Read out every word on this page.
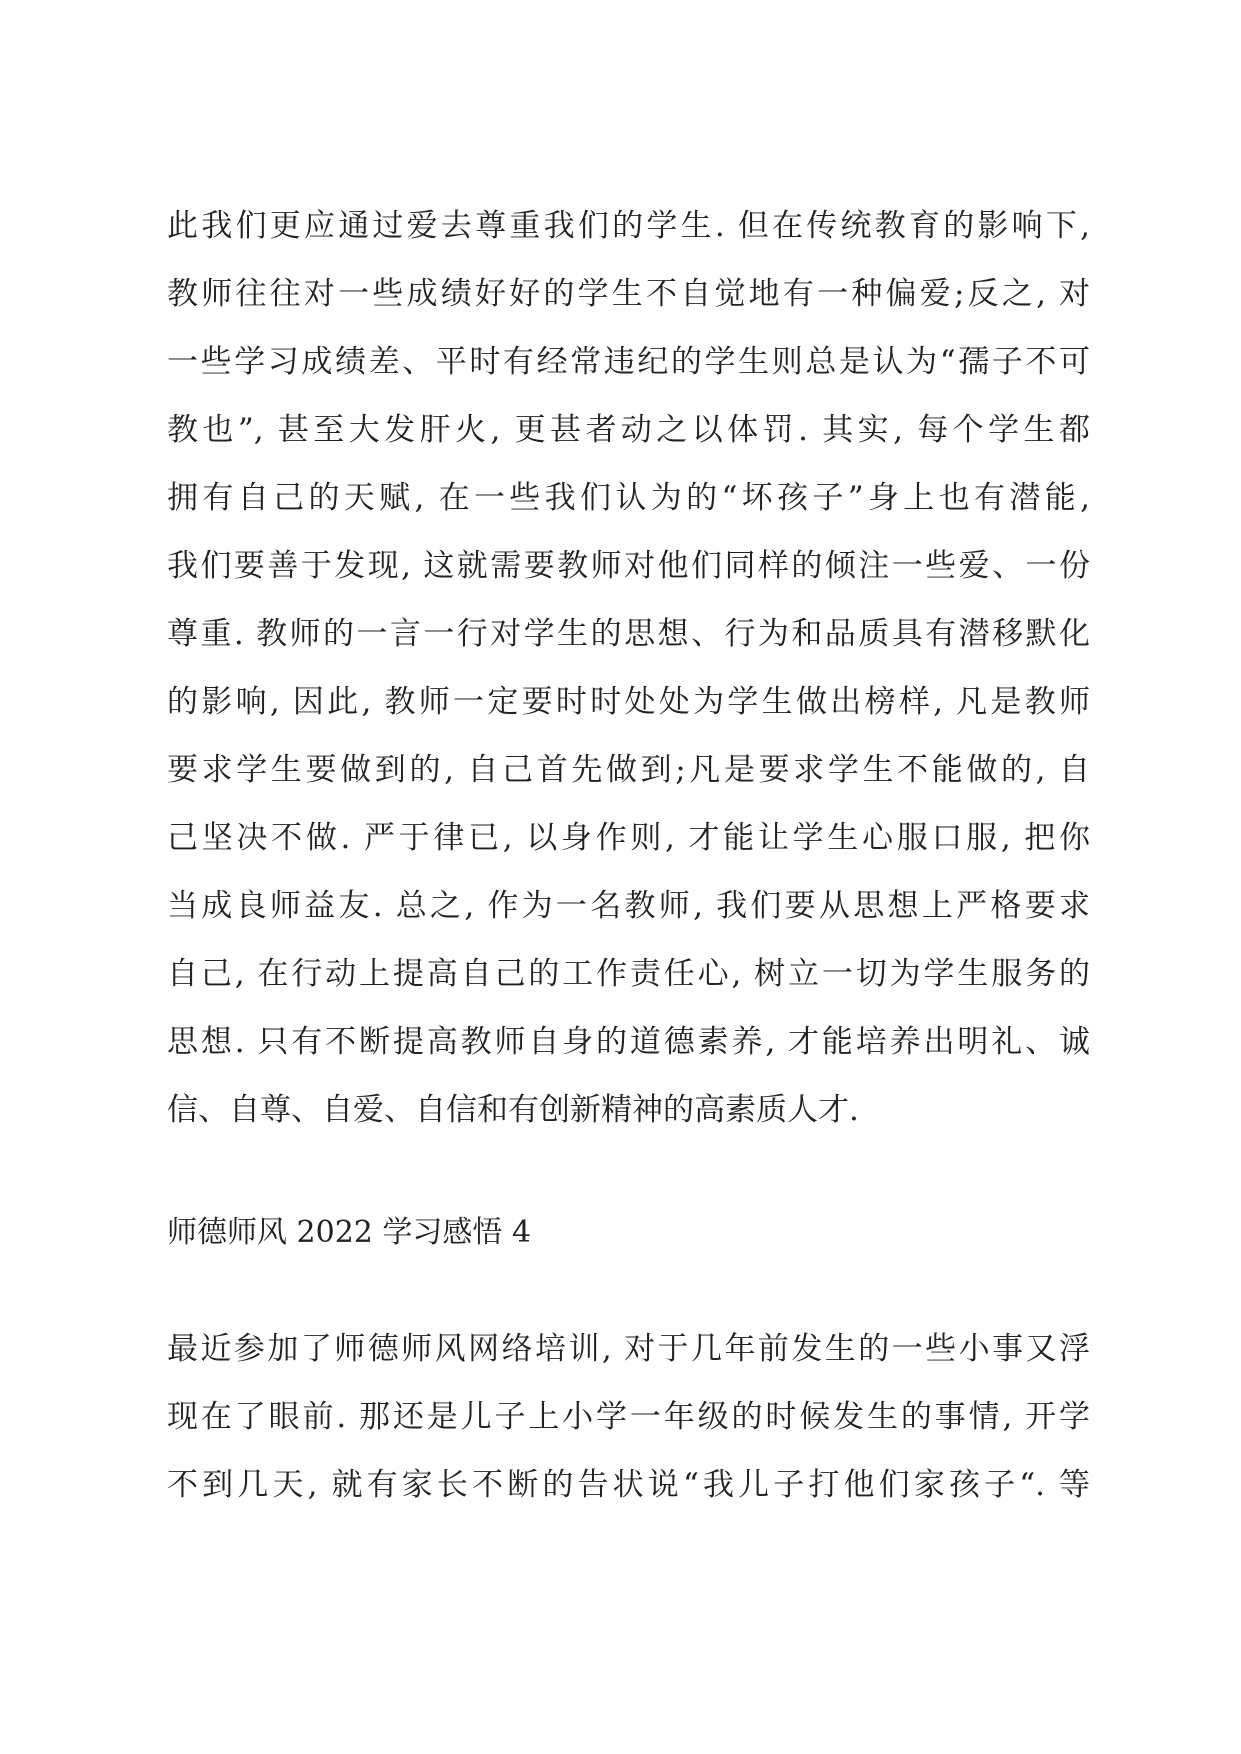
此我们更应通过爱去尊重我们的学生. 但在传统教育的影响下,
教师往往对一些成绩好好的学生不自觉地有一种偏爱;反之, 对
一些学习成绩差、平时有经常违纪的学生则总是认为“孺子不可
教也”, 甚至大发肝火, 更甚者动之以体罚. 其实, 每个学生都
拥有自己的天赋, 在一些我们认为的“坏孩子”身上也有潜能,
我们要善于发现, 这就需要教师对他们同样的倾注一些爱、一份
尊重. 教师的一言一行对学生的思想、行为和品质具有潜移默化
的影响, 因此, 教师一定要时时处处为学生做出榜样, 凡是教师
要求学生要做到的, 自己首先做到;凡是要求学生不能做的, 自
己坚决不做. 严于律已, 以身作则, 才能让学生心服口服, 把你
当成良师益友. 总之, 作为一名教师, 我们要从思想上严格要求
自己, 在行动上提高自己的工作责任心, 树立一切为学生服务的
思想. 只有不断提高教师自身的道德素养, 才能培养出明礼、诚
信、自尊、自爱、自信和有创新精神的高素质人才.
师德师风 2022 学习感悟 4
最近参加了师德师风网络培训, 对于几年前发生的一些小事又浮
现在了眼前. 那还是儿子上小学一年级的时候发生的事情, 开学
不到几天, 就有家长不断的告状说“我儿子打他们家孩子“. 等
